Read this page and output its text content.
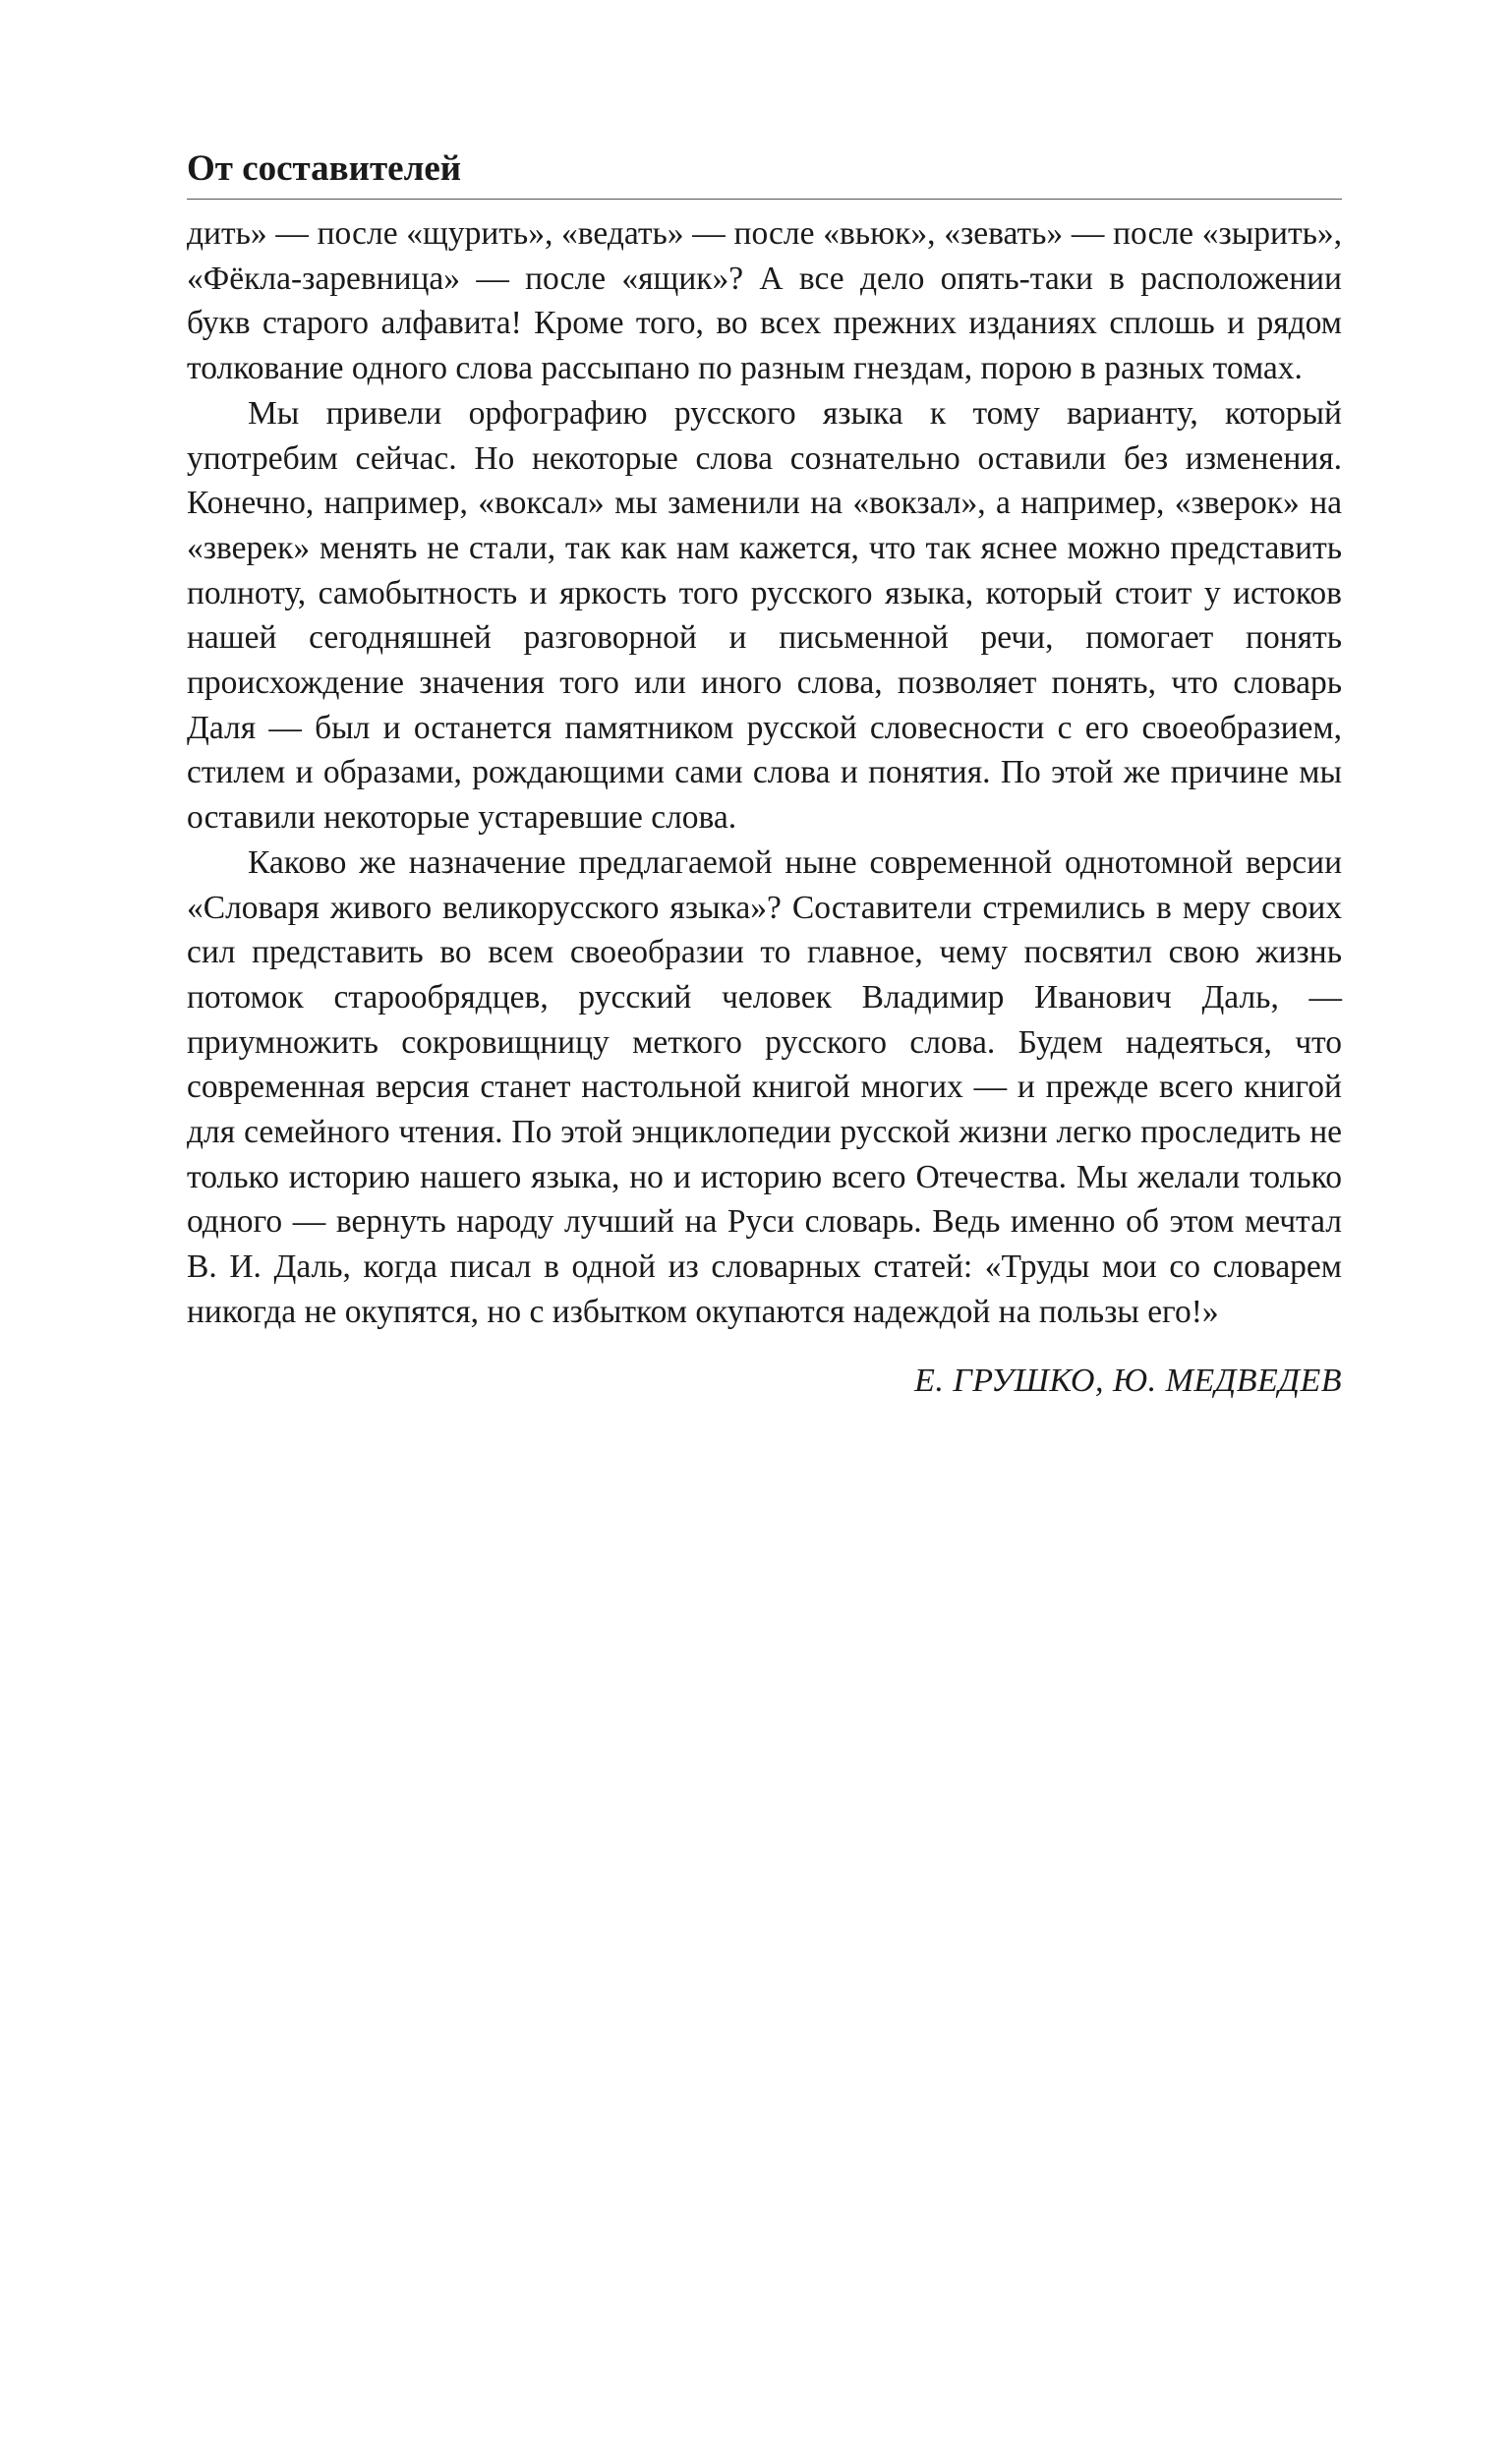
От составителей

дить» — после «щурить», «ведать» — после «вьюк», «зевать» — после «зырить», «Фёкла-заревница» — после «ящик»? А все дело опять-таки в расположении букв старого алфавита! Кроме того, во всех прежних изданиях сплошь и рядом толкование одного слова рассыпано по разным гнездам, порою в разных томах.

Мы привели орфографию русского языка к тому варианту, который употребим сейчас. Но некоторые слова сознательно оставили без изменения. Конечно, например, «воксал» мы заменили на «вокзал», а например, «зверок» на «зверек» менять не стали, так как нам кажется, что так яснее можно представить полноту, самобытность и яркость того русского языка, который стоит у истоков нашей сегодняшней разговорной и письменной речи, помогает понять происхождение значения того или иного слова, позволяет понять, что словарь Даля — был и останется памятником русской словесности с его своеобразием, стилем и образами, рождающими сами слова и понятия. По этой же причине мы оставили некоторые устаревшие слова.

Каково же назначение предлагаемой ныне современной однотомной версии «Словаря живого великорусского языка»? Составители стремились в меру своих сил представить во всем своеобразии то главное, чему посвятил свою жизнь потомок старообрядцев, русский человек Владимир Иванович Даль, — приумножить сокровищницу меткого русского слова. Будем надеяться, что современная версия станет настольной книгой многих — и прежде всего книгой для семейного чтения. По этой энциклопедии русской жизни легко проследить не только историю нашего языка, но и историю всего Отечества. Мы желали только одного — вернуть народу лучший на Руси словарь. Ведь именно об этом мечтал В. И. Даль, когда писал в одной из словарных статей: «Труды мои со словарем никогда не окупятся, но с избытком окупаются надеждой на пользы его!»

Е. ГРУШКО, Ю. МЕДВЕДЕВ
